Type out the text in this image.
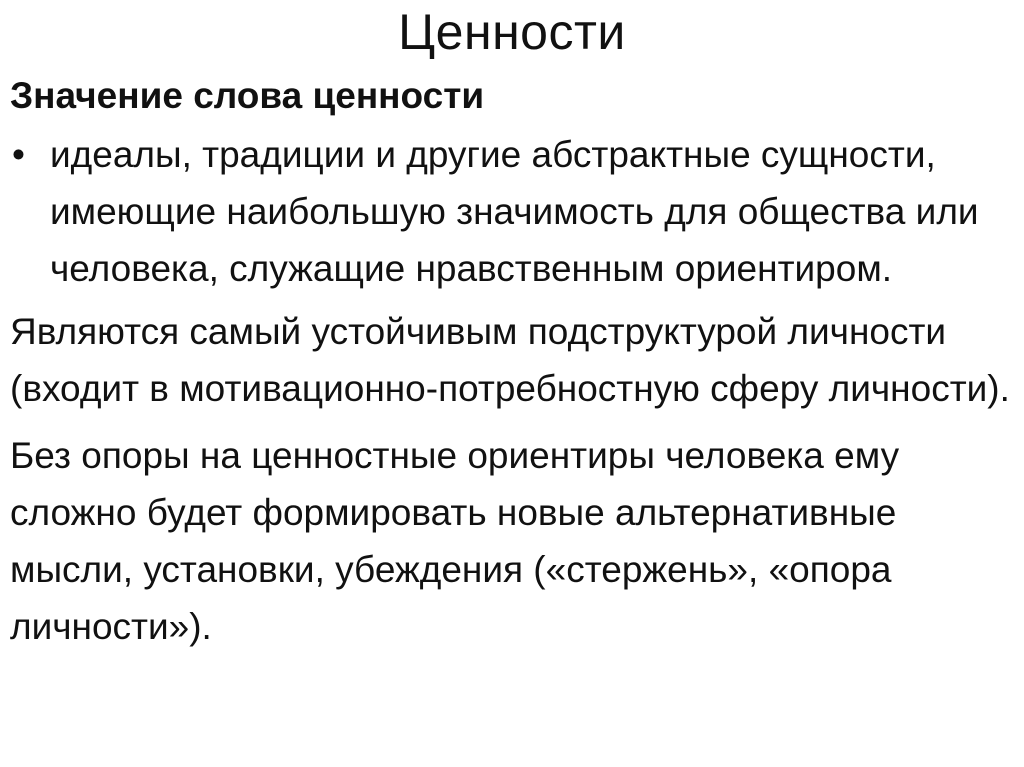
Ценности
Значение слова ценности
• идеалы, традиции и другие абстрактные сущности, имеющие наибольшую значимость для общества или человека, служащие нравственным ориентиром.
Являются самый устойчивым подструктурой личности (входит в мотивационно-потребностную сферу личности).
Без опоры на ценностные ориентиры человека ему сложно будет формировать новые альтернативные мысли, установки, убеждения («стержень», «опора личности»).
